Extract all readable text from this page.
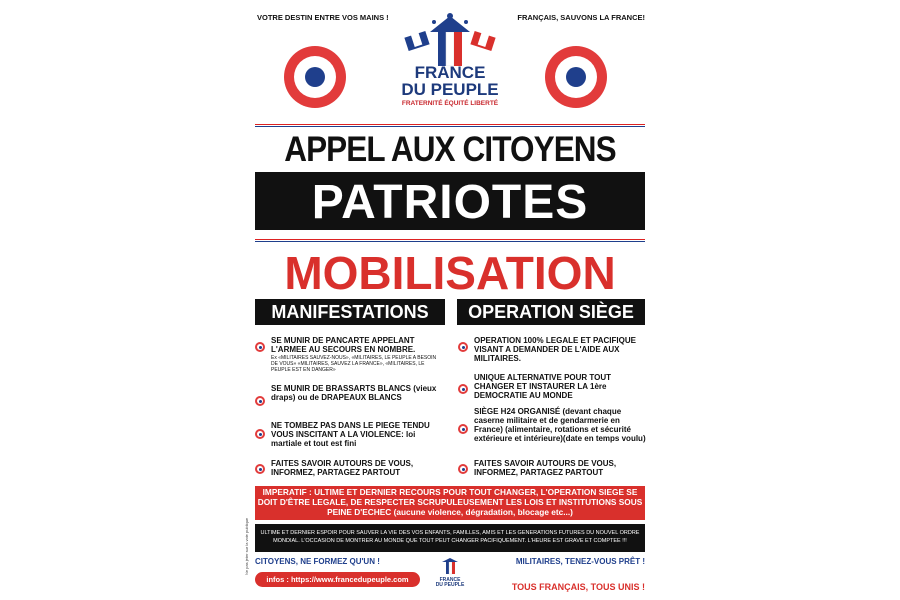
VOTRE DESTIN ENTRE VOS MAINS !	FRANÇAIS, SAUVONS LA FRANCE!
FRANCE
DU PEUPLE
FRATERNITÉ ÉQUITÉ LIBERTÉ
APPEL AUX CITOYENS
PATRIOTES
MOBILISATION
MANIFESTATIONS	OPERATION SIÈGE
SE MUNIR DE PANCARTE APPELANT L'ARMEE AU SECOURS EN NOMBRE.
Ex «MILITAIRES SAUVEZ-NOUS», «MILITAIRES, LE PEUPLE A BESOIN DE VOUS» «MILITAIRES, SAUVEZ LA FRANCE», «MILITAIRES, LE PEUPLE EST EN DANGER»
SE MUNIR DE BRASSARTS BLANCS (vieux draps) ou de DRAPEAUX BLANCS
NE TOMBEZ PAS DANS LE PIEGE TENDU VOUS INSCITANT A LA VIOLENCE: loi martiale et tout est fini
FAITES SAVOIR AUTOURS DE VOUS, INFORMEZ, PARTAGEZ PARTOUT
OPERATION 100% LEGALE ET PACIFIQUE VISANT A DEMANDER DE L'AIDE AUX MILITAIRES.
UNIQUE ALTERNATIVE POUR TOUT CHANGER ET INSTAURER LA 1ère DEMOCRATIE AU MONDE
SIÈGE H24 ORGANISÉ (devant chaque caserne militaire et de gendarmerie en France) (alimentaire, rotations et sécurité extérieure et intérieure)(date en temps voulu)
FAITES SAVOIR AUTOURS DE VOUS, INFORMEZ, PARTAGEZ PARTOUT
IMPERATIF : ULTIME ET DERNIER RECOURS POUR TOUT CHANGER, L'OPERATION SIEGE SE DOIT D'ÊTRE LEGALE, DE RESPECTER SCRUPULEUSEMENT LES LOIS ET INSTITUTIONS SOUS PEINE D'ECHEC (aucune violence, dégradation, blocage etc...)
ULTIME ET DERNIER ESPOIR POUR SAUVER LA VIE DES VOS ENFANTS, FAMILLES, AMIS ET LES GENERATIONS FUTURES DU NOUVEL ORDRE MONDIAL. L'OCCASION DE MONTRER AU MONDE QUE TOUT PEUT CHANGER PACIFIQUEMENT. L'HEURE EST GRAVE ET COMPTEE !!!
Ne pas jeter sur la voie publique CITOYENS, NE FORMEZ QU'UN !	MILITAIRES, TENEZ-VOUS PRÊT !
infos : https://www.francedupeuple.com	FRANCE
DU PEUPLE	TOUS FRANÇAIS, TOUS UNIS !
